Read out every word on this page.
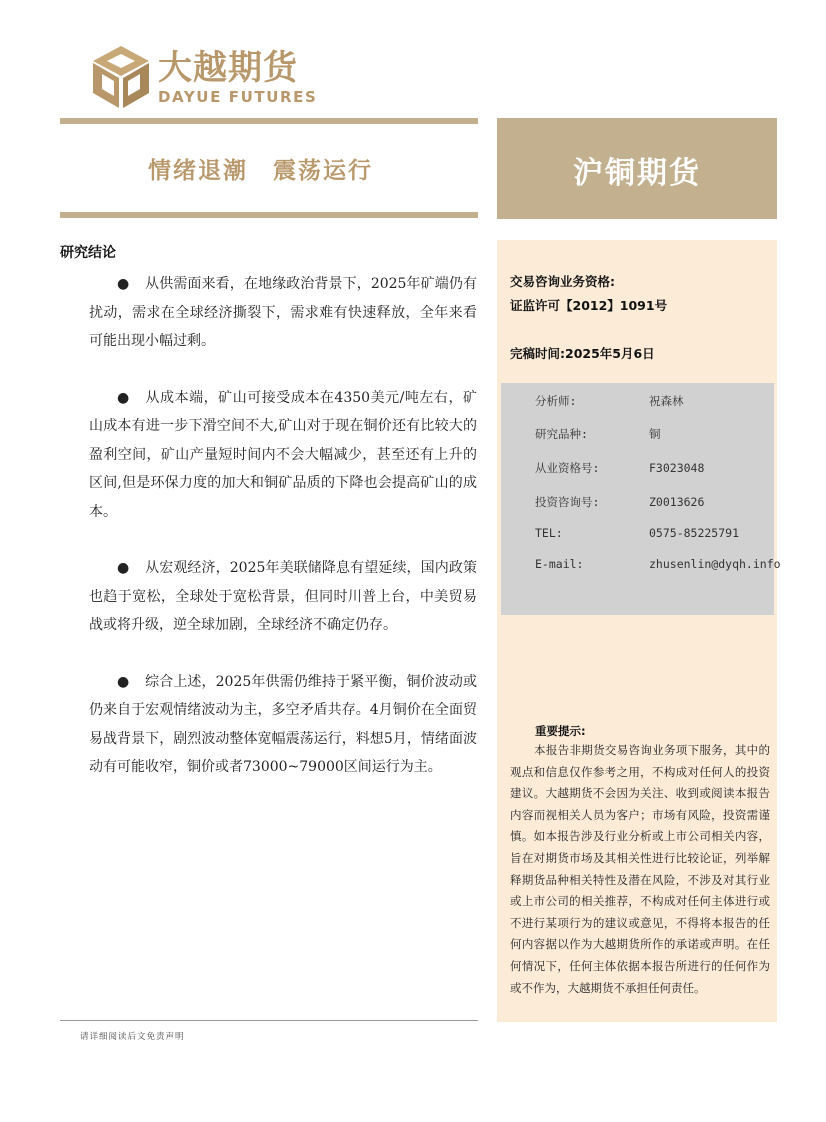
大越期货
DAYUE FUTURES
情绪退潮　震荡运行	沪铜期货
研究结论

● 从供需面来看，在地缘政治背景下，2025年矿端仍有扰动，需求在全球经济撕裂下，需求难有快速释放，全年来看可能出现小幅过剩。

● 从成本端，矿山可接受成本在4350美元/吨左右，矿山成本有进一步下滑空间不大,矿山对于现在铜价还有比较大的盈利空间，矿山产量短时间内不会大幅减少，甚至还有上升的区间,但是环保力度的加大和铜矿品质的下降也会提高矿山的成本。

● 从宏观经济，2025年美联储降息有望延续，国内政策也趋于宽松，全球处于宽松背景，但同时川普上台，中美贸易战或将升级，逆全球加剧，全球经济不确定仍存。

● 综合上述，2025年供需仍维持于紧平衡，铜价波动或仍来自于宏观情绪波动为主，多空矛盾共存。4月铜价在全面贸易战背景下，剧烈波动整体宽幅震荡运行，料想5月，情绪面波动有可能收窄，铜价或者73000~79000区间运行为主。

交易咨询业务资格:
证监许可【2012】1091号
完稿时间:2025年5月6日
分析师:	祝森林
研究品种:	铜
从业资格号:	F3023048
投资咨询号:	Z0013626
TEL:	0575-85225791
E-mail:	zhusenlin@dyqh.info
重要提示:
本报告非期货交易咨询业务项下服务，其中的观点和信息仅作参考之用，不构成对任何人的投资建议。大越期货不会因为关注、收到或阅读本报告内容而视相关人员为客户；市场有风险，投资需谨慎。如本报告涉及行业分析或上市公司相关内容，旨在对期货市场及其相关性进行比较论证，列举解释期货品种相关特性及潜在风险，不涉及对其行业或上市公司的相关推荐，不构成对任何主体进行或不进行某项行为的建议或意见，不得将本报告的任何内容据以作为大越期货所作的承诺或声明。在任何情况下，任何主体依据本报告所进行的任何作为或不作为，大越期货不承担任何责任。
请详细阅读后文免责声明
